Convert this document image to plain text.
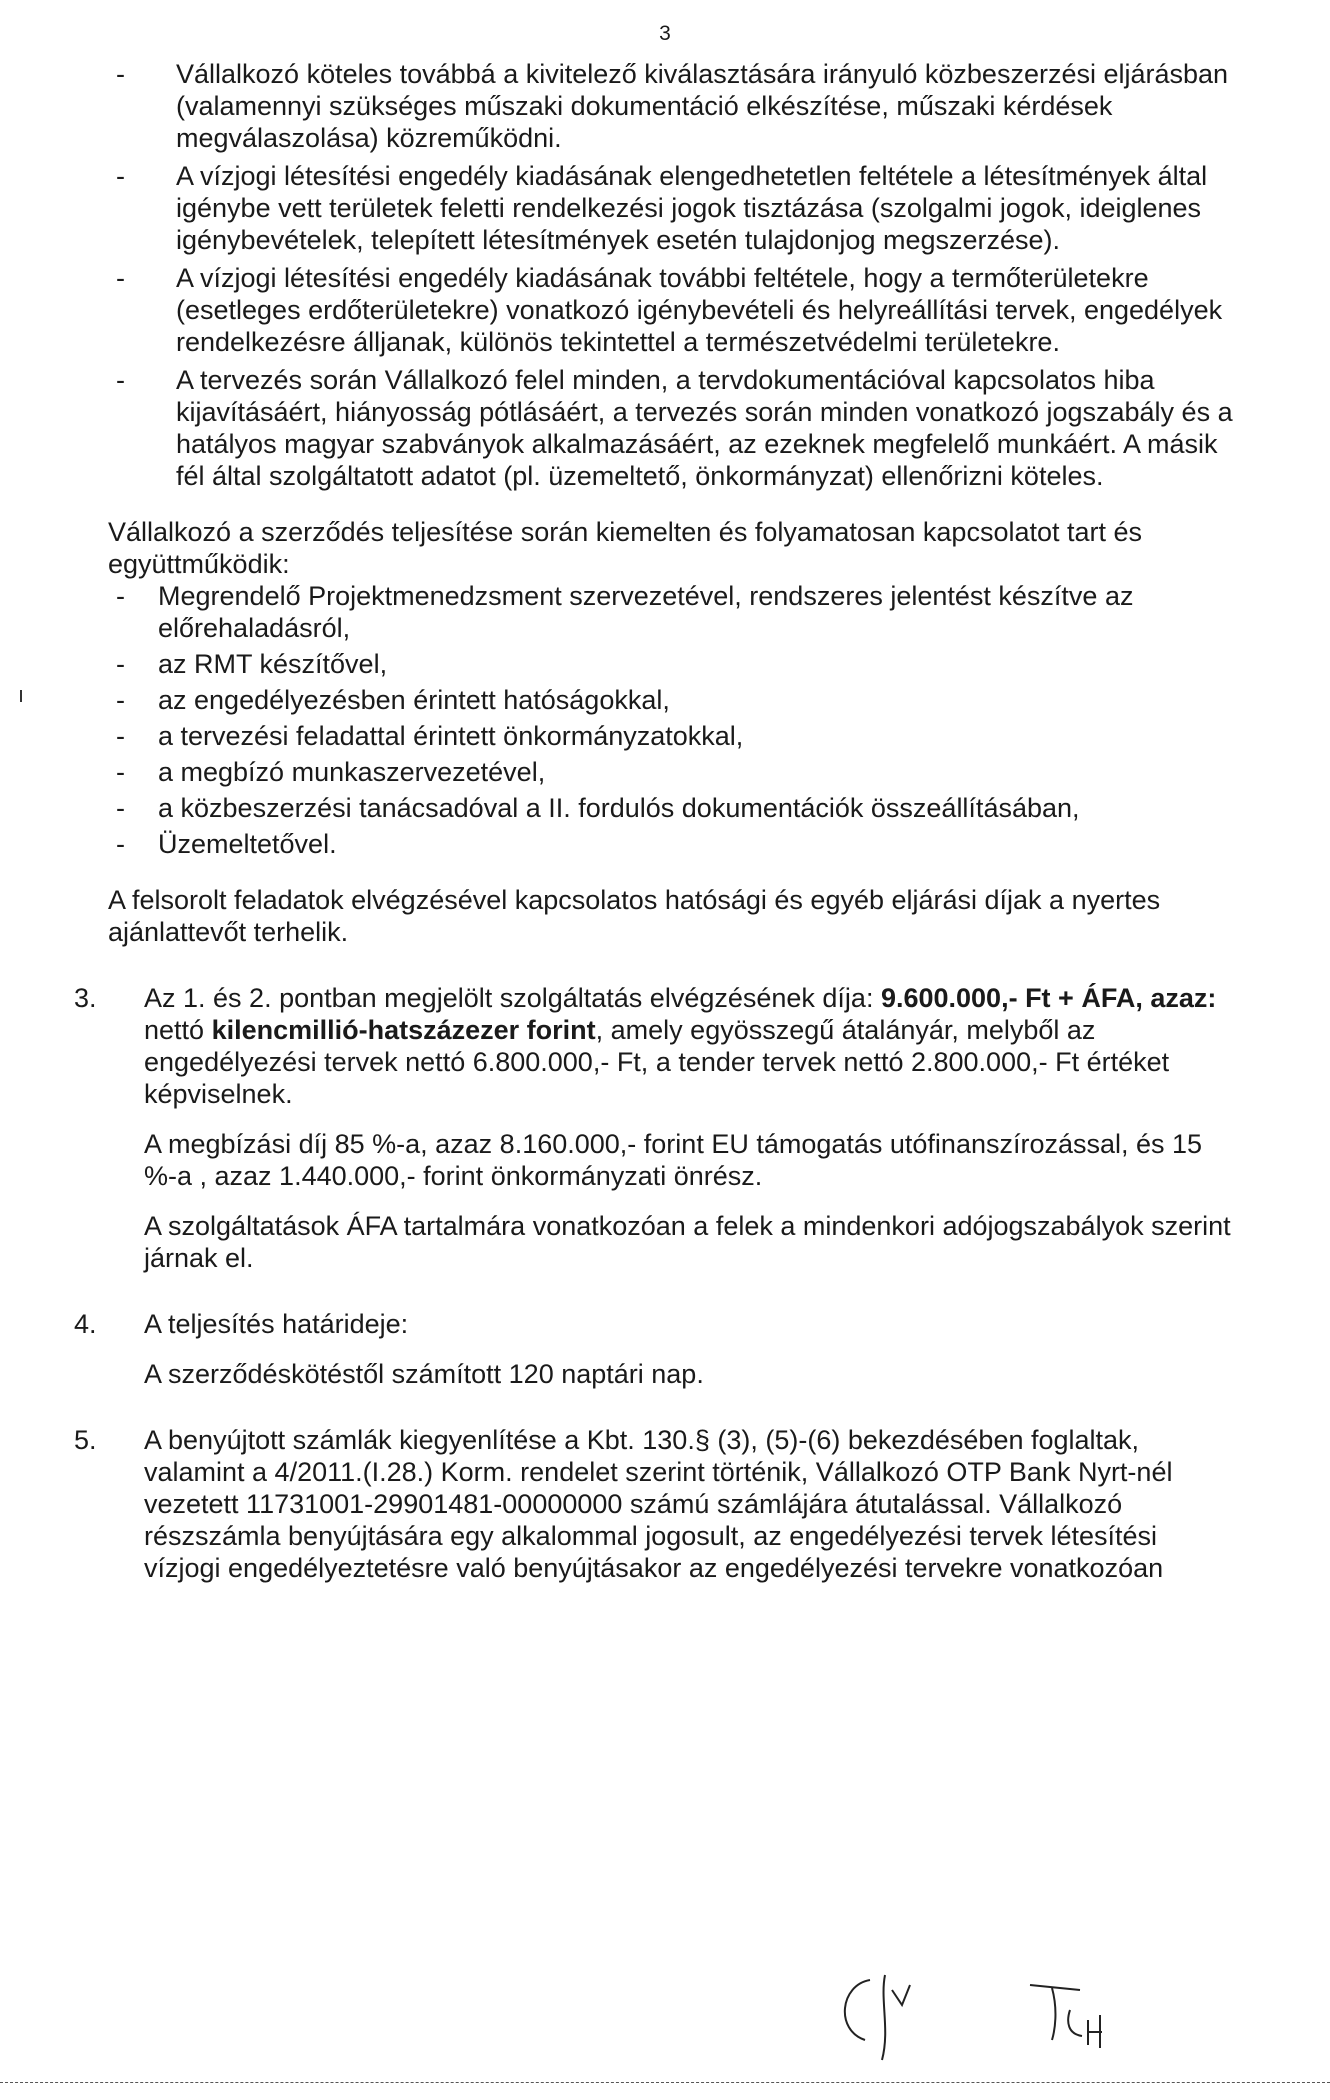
3
- Vállalkozó köteles továbbá a kivitelező kiválasztására irányuló közbeszerzési eljárásban (valamennyi szükséges műszaki dokumentáció elkészítése, műszaki kérdések megválaszolása) közreműködni.
- A vízjogi létesítési engedély kiadásának elengedhetetlen feltétele a létesítmények által igénybe vett területek feletti rendelkezési jogok tisztázása (szolgalmi jogok, ideiglenes igénybevételek, telepített létesítmények esetén tulajdonjog megszerzése).
- A vízjogi létesítési engedély kiadásának további feltétele, hogy a termőterületekre (esetleges erdőterületekre) vonatkozó igénybevételi és helyreállítási tervek, engedélyek rendelkezésre álljanak, különös tekintettel a természetvédelmi területekre.
- A tervezés során Vállalkozó felel minden, a tervdokumentációval kapcsolatos hiba kijavításáért, hiányosság pótlásáért, a tervezés során minden vonatkozó jogszabály és a hatályos magyar szabványok alkalmazásáért, az ezeknek megfelelő munkáért. A másik fél által szolgáltatott adatot (pl. üzemeltető, önkormányzat) ellenőrizni köteles.

Vállalkozó a szerződés teljesítése során kiemelten és folyamatosan kapcsolatot tart és együttműködik:

- Megrendelő Projektmenedzsment szervezetével, rendszeres jelentést készítve az előrehaladásról,
- az RMT készítővel,
- az engedélyezésben érintett hatóságokkal,
- a tervezési feladattal érintett önkormányzatokkal,
- a megbízó munkaszervezetével,
- a közbeszerzési tanácsadóval a II. fordulós dokumentációk összeállításában,
- Üzemeltetővel.

A felsorolt feladatok elvégzésével kapcsolatos hatósági és egyéb eljárási díjak a nyertes ajánlattevőt terhelik.

3. Az 1. és 2. pontban megjelölt szolgáltatás elvégzésének díja: 9.600.000,- Ft + ÁFA, azaz: nettó kilencmillió-hatszázezer forint, amely egyösszegű átalányár, melyből az engedélyezési tervek nettó 6.800.000,- Ft, a tender tervek nettó 2.800.000,- Ft értéket képviselnek.

A megbízási díj 85 %-a, azaz 8.160.000,- forint EU támogatás utófinanszírozással, és 15 %-a , azaz 1.440.000,- forint önkormányzati önrész.

A szolgáltatások ÁFA tartalmára vonatkozóan a felek a mindenkori adójogszabályok szerint járnak el.

4. A teljesítés határideje:

A szerződéskötéstől számított 120 naptári nap.

5. A benyújtott számlák kiegyenlítése a Kbt. 130.§ (3), (5)-(6) bekezdésében foglaltak, valamint a 4/2011.(I.28.) Korm. rendelet szerint történik, Vállalkozó OTP Bank Nyrt-nél vezetett 11731001-29901481-00000000 számú számlájára átutalással. Vállalkozó részszámla benyújtására egy alkalommal jogosult, az engedélyezési tervek létesítési vízjogi engedélyeztetésre való benyújtásakor az engedélyezési tervekre vonatkozóan
